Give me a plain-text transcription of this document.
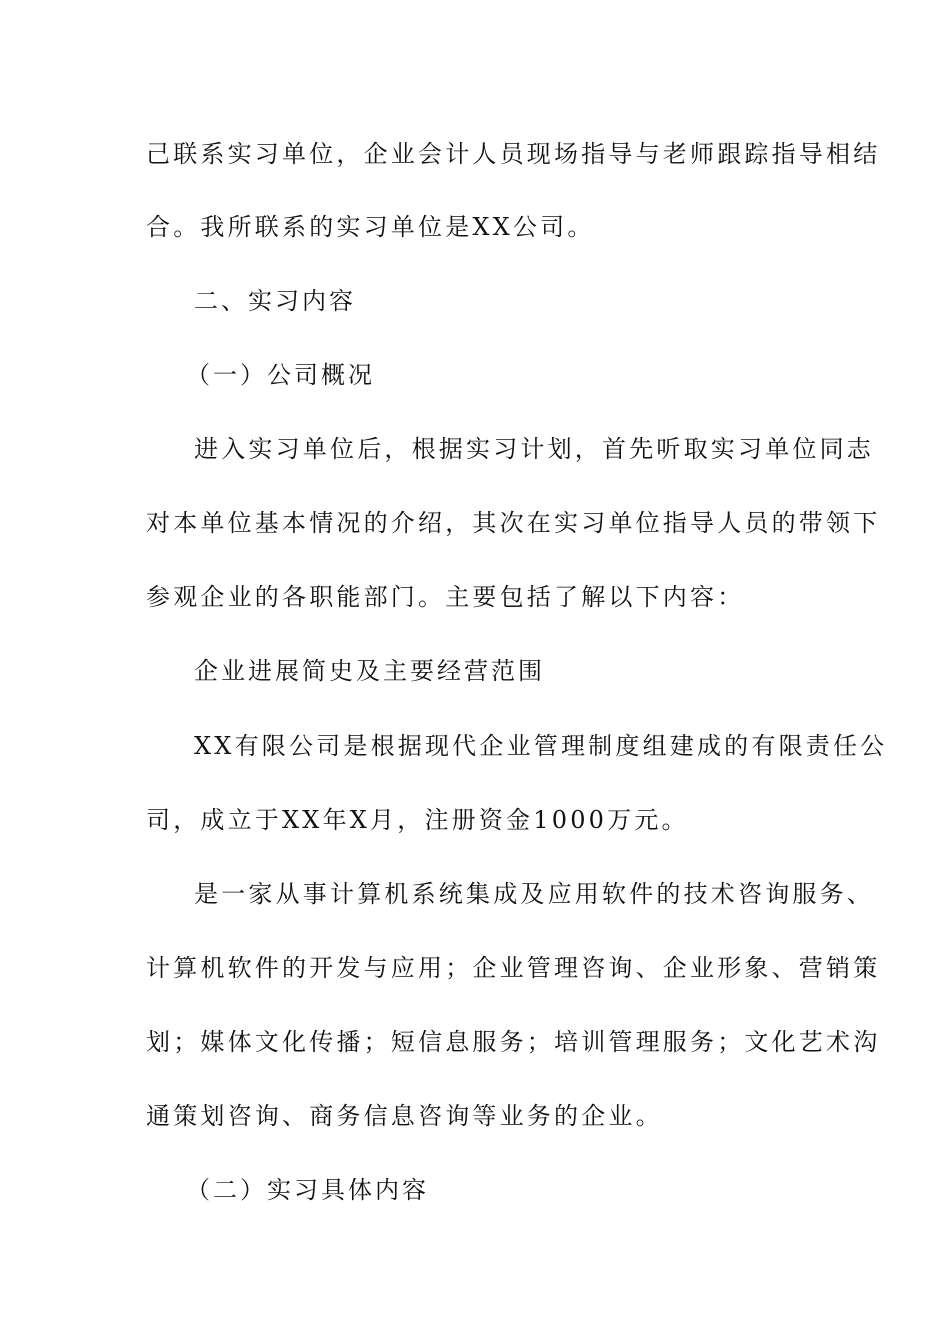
己联系实习单位，企业会计人员现场指导与老师跟踪指导相结
合。我所联系的实习单位是XX公司。
二、实习内容
（一）公司概况
进入实习单位后，根据实习计划，首先听取实习单位同志
对本单位基本情况的介绍，其次在实习单位指导人员的带领下
参观企业的各职能部门。主要包括了解以下内容：
企业进展简史及主要经营范围
XX有限公司是根据现代企业管理制度组建成的有限责任公
司，成立于XX年X月，注册资金1000万元。
是一家从事计算机系统集成及应用软件的技术咨询服务、
计算机软件的开发与应用；企业管理咨询、企业形象、营销策
划；媒体文化传播；短信息服务；培训管理服务；文化艺术沟
通策划咨询、商务信息咨询等业务的企业。
（二）实习具体内容
